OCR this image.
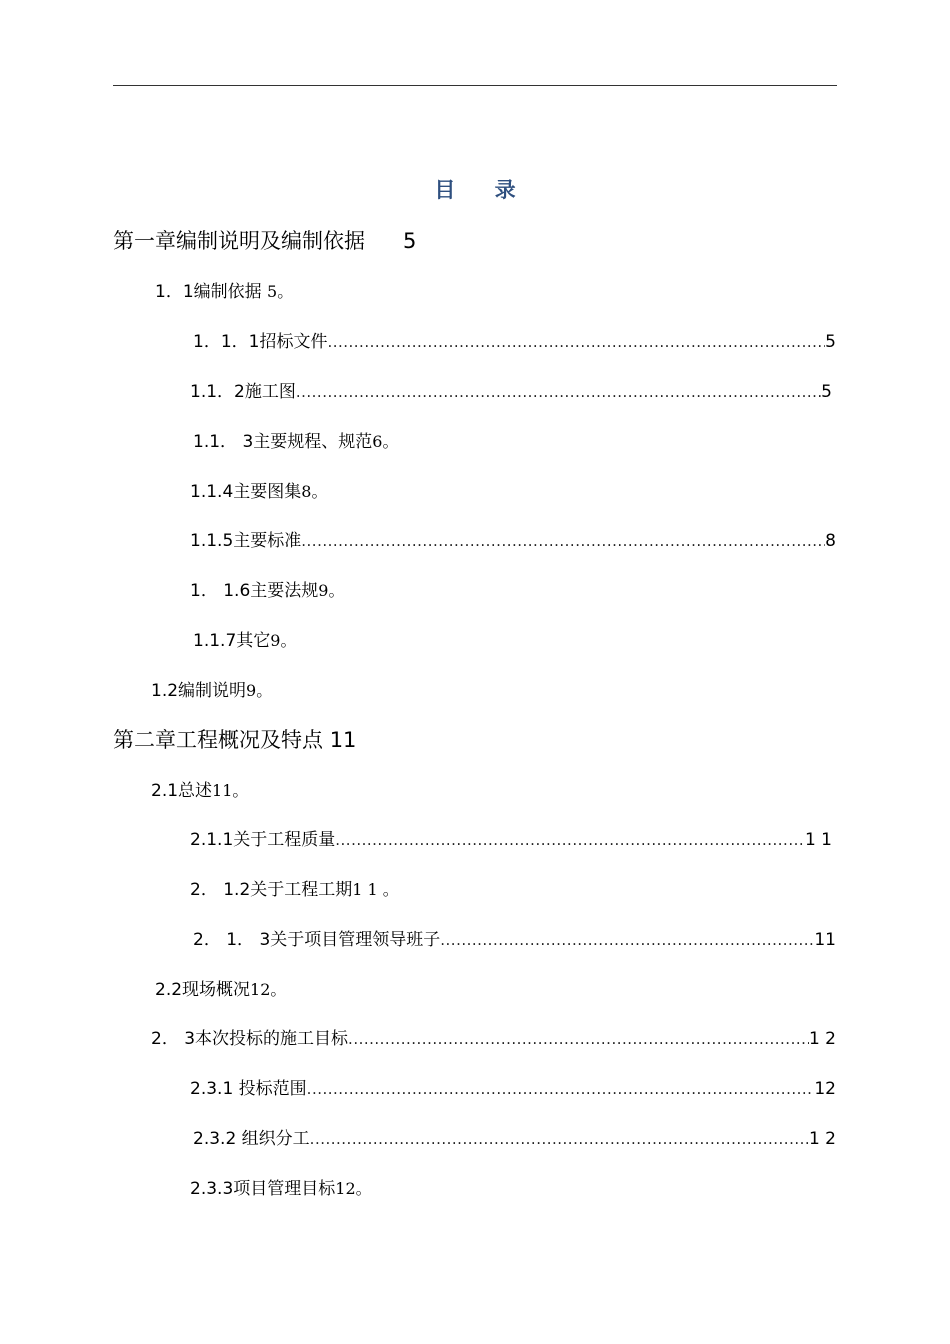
目 录
第一章编制说明及编制依据 5
1．1编制依据 5。
1．1．1招标文件 .....	5
1.1．2施工图 .....	5
1.1． 3主要规程、规范6。
1.1.4主要图集8。
1.1.5主要标准 .....	8
1． 1.6主要法规9。
1.1.7其它9。
1.2编制说明9。
第二章工程概况及特点 11
2.1总述11。
2.1.1关于工程质量 .....	1 1
2． 1.2关于工程工期1 1 。
2． 1． 3关于项目管理领导班子 .....	11
2.2现场概况12。
2． 3本次投标的施工目标 .....	1 2
2.3.1 投标范围 .....	12
2.3.2 组织分工 .....	1 2
2.3.3项目管理目标12。
